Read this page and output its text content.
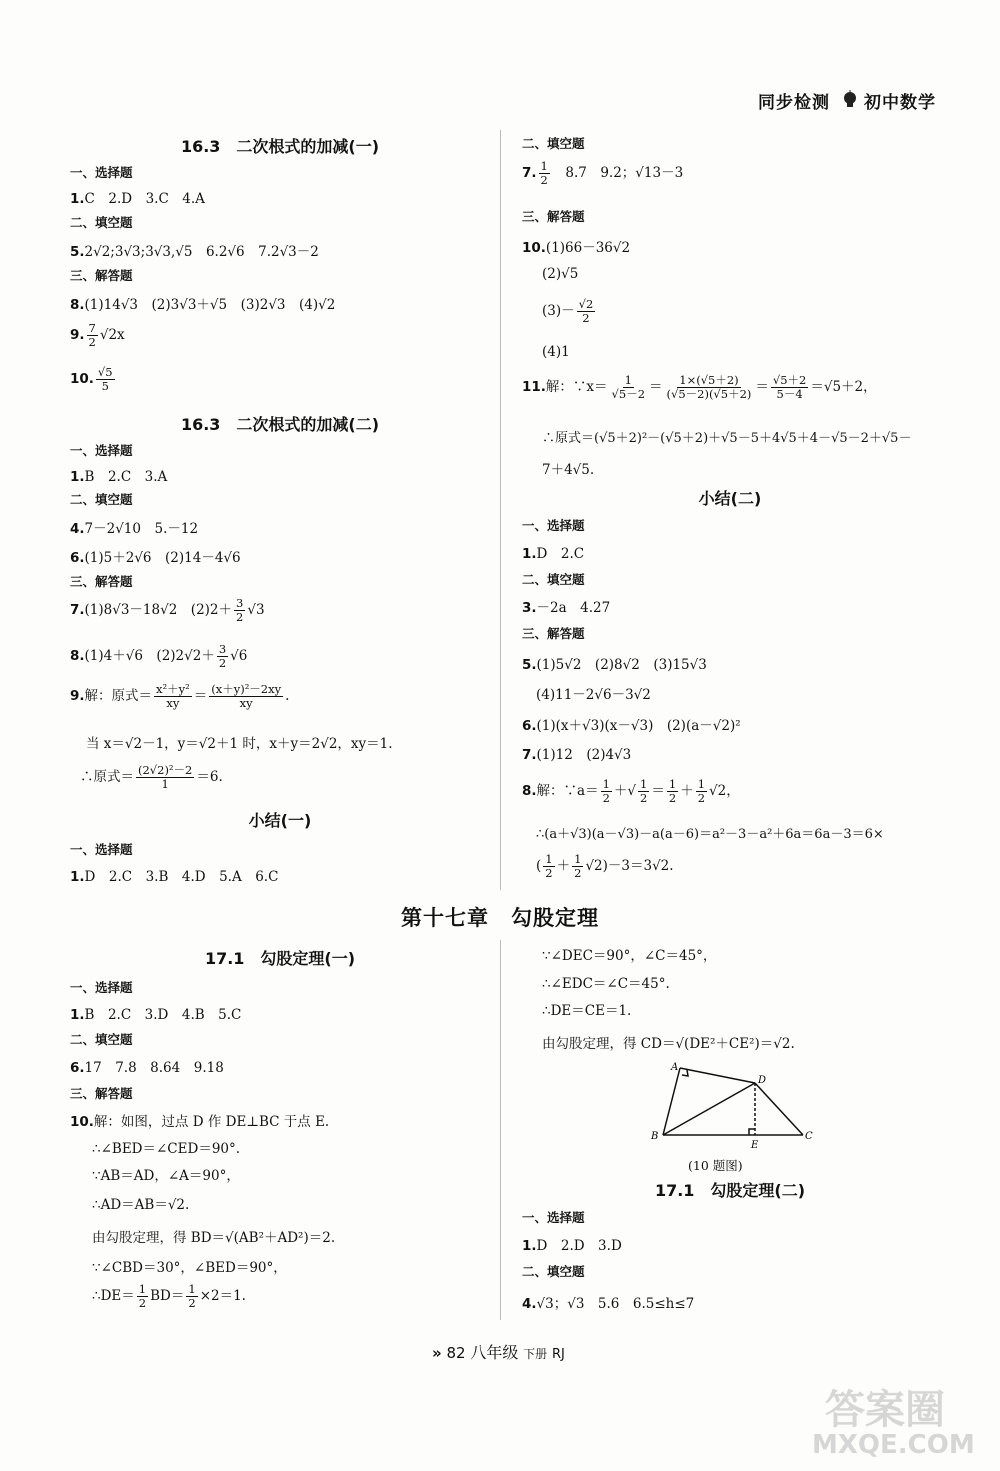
同步检测 初中数学
16.3　二次根式的加减(一)
一、选择题
1.C　2.D　3.C　4.A
二、填空题
5.2√2;3√3;3√3,√5　6.2√6　7.2√3－2
三、解答题
8.(1)14√3　(2)3√3＋√5　(3)2√3　(4)√2
9. $\frac{7}{2} √2x$
10. $\frac{√5}{5}$
16.3　二次根式的加减(二)
一、选择题
1.B　2.C　3.A
二、填空题
4.7－2√10　5.－12
6.(1)5＋2√6　(2)14－4√6
三、解答题
7.(1)8√3－18√2　$(2)2+ \frac{3}{2} √3$
8.(1)4＋√6　$(2)2√2+ \frac{3}{2} √6$
9.解：原式＝ $\frac{\text{x²＋y²}}{xy} = \frac{\text{(x＋y)²－2xy}}{xy}$ .
当 x＝√2－1，y＝√2＋1 时，x＋y＝2√2，xy＝1.
∴原式＝ $\frac{\text{(2√2)²－2}}{1} =6$.
小结(一)
一、选择题
1.D　2.C　3.B　4.D　5.A　6.C
二、填空题
7. $\frac{1}{2}$ 　8.7　9.2；√13－3
三、解答题
10.(1)66－36√2
(2)√5
$(3)- \frac{√2}{2}$
(4)1
11.解：∵x＝ $\frac{1}{√5-2} = \frac{1\times(√5+2)}{(√5-2)(√5+2)} = \frac{√5+2}{5-4} =√5+2$，
∴原式＝(√5＋2)²－(√5＋2)＋√5－5＋4√5＋4－√5－2＋√5－
7＋4√5.
小结(二)
一、选择题
1.D　2.C
二、填空题
3.－2a　4.27
三、解答题
5.(1)5√2　(2)8√2　(3)15√3
(4)11－2√6－3√2
6.(1)(x＋√3)(x－√3)　(2)(a－√2)²
7.(1)12　(2)4√3
8.解：∵a＝ $\frac{1}{2}$ ＋√ $\frac{1}{2} = \frac{1}{2} + \frac{1}{2} √2$，
∴(a＋√3)(a－√3)－a(a－6)＝a²－3－a²＋6a＝6a－3＝6×
( $\frac{1}{2} + \frac{1}{2} √2)-3=3√2$.
第十七章　勾股定理
17.1　勾股定理(一)
一、选择题
1.B　2.C　3.D　4.B　5.C
二、填空题
6.17　7.8　8.64　9.18
三、解答题
10.解：如图，过点 D 作 DE⊥BC 于点 E.
∴∠BED＝∠CED＝90°.
∵AB＝AD，∠A＝90°，
∴AD＝AB＝√2.
由勾股定理，得 BD＝√(AB²＋AD²)＝2.
∵∠CBD＝30°，∠BED＝90°，
∴DE＝ $\frac{1}{2} BD= \frac{1}{2} \times 2=1$.
∵∠DEC＝90°，∠C＝45°，
∴∠EDC＝∠C＝45°.
∴DE＝CE＝1.
由勾股定理，得 CD＝√(DE²＋CE²)＝√2.
A
D
B	C
E
(10 题图)
17.1　勾股定理(二)
一、选择题
1.D　2.D　3.D
二、填空题
4.√3；√3　5.6　6.5≤h≤7
» 82 八年级 下册 RJ
答案圈
MXQE.COM
